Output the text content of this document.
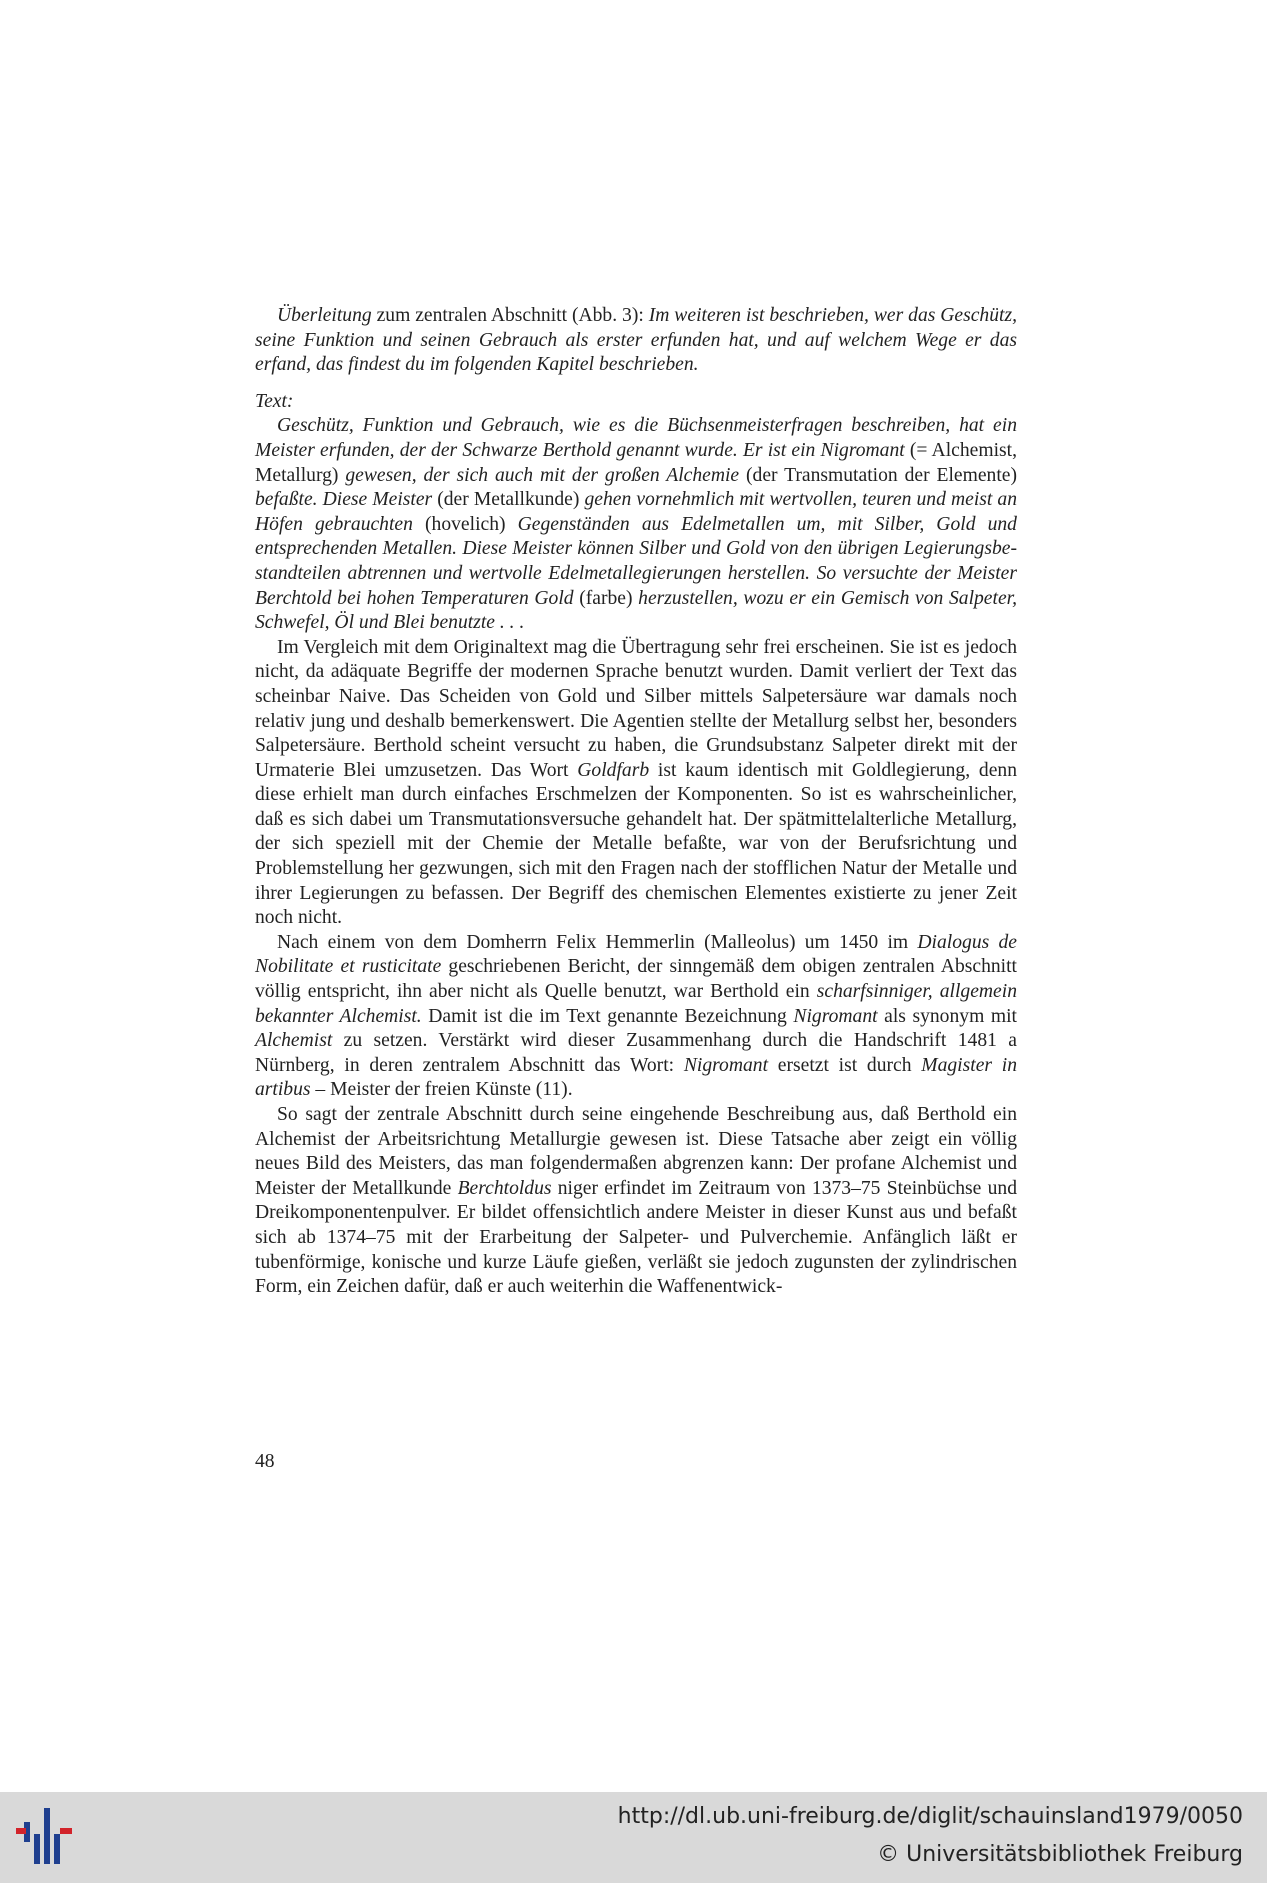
Überleitung zum zentralen Abschnitt (Abb. 3): Im weiteren ist beschrieben, wer das Geschütz, seine Funktion und seinen Gebrauch als erster erfunden hat, und auf welchem Wege er das erfand, das findest du im folgenden Kapitel beschrieben.

Text:

Geschütz, Funktion und Gebrauch, wie es die Büchsenmeisterfragen beschreiben, hat ein Meister erfunden, der der Schwarze Berthold genannt wurde. Er ist ein Nigromant (= Alchemist, Metallurg) gewesen, der sich auch mit der großen Alchemie (der Transmutation der Elemente) befaßte. Diese Meister (der Metallkunde) gehen vornehmlich mit wertvollen, teuren und meist an Höfen gebrauchten (hovelich) Gegenständen aus Edelmetallen um, mit Silber, Gold und entsprechenden Metallen. Diese Meister können Silber und Gold von den übrigen Legierungsbestandteilen abtrennen und wertvolle Edelmetallegierungen herstellen. So versuchte der Meister Berchtold bei hohen Temperaturen Gold (farbe) herzustellen, wozu er ein Gemisch von Salpeter, Schwefel, Öl und Blei benutzte . . .

Im Vergleich mit dem Originaltext mag die Übertragung sehr frei erscheinen. Sie ist es jedoch nicht, da adäquate Begriffe der modernen Sprache benutzt wurden. Damit verliert der Text das scheinbar Naive. Das Scheiden von Gold und Silber mittels Salpetersäure war damals noch relativ jung und deshalb bemerkenswert. Die Agentien stellte der Metallurg selbst her, besonders Salpetersäure. Berthold scheint versucht zu haben, die Grundsubstanz Salpeter direkt mit der Urmaterie Blei umzusetzen. Das Wort Goldfarb ist kaum identisch mit Goldlegierung, denn diese erhielt man durch einfaches Erschmelzen der Komponenten. So ist es wahrscheinlicher, daß es sich dabei um Transmutationsversuche gehandelt hat. Der spätmittelalterliche Metallurg, der sich speziell mit der Chemie der Metalle befaßte, war von der Berufsrichtung und Problemstellung her gezwungen, sich mit den Fragen nach der stofflichen Natur der Metalle und ihrer Legierungen zu befassen. Der Begriff des chemischen Elementes existierte zu jener Zeit noch nicht.

Nach einem von dem Domherrn Felix Hemmerlin (Malleolus) um 1450 im Dialogus de Nobilitate et rusticitate geschriebenen Bericht, der sinngemäß dem obigen zentralen Abschnitt völlig entspricht, ihn aber nicht als Quelle benutzt, war Berthold ein scharfsinniger, allgemein bekannter Alchemist. Damit ist die im Text genannte Bezeichnung Nigromant als synonym mit Alchemist zu setzen. Verstärkt wird dieser Zusammenhang durch die Handschrift 1481 a Nürnberg, in deren zentralem Abschnitt das Wort: Nigromant ersetzt ist durch Magister in artibus – Meister der freien Künste (11).

So sagt der zentrale Abschnitt durch seine eingehende Beschreibung aus, daß Berthold ein Alchemist der Arbeitsrichtung Metallurgie gewesen ist. Diese Tatsache aber zeigt ein völlig neues Bild des Meisters, das man folgendermaßen abgrenzen kann: Der profane Alchemist und Meister der Metallkunde Berchtoldus niger erfindet im Zeitraum von 1373–75 Steinbüchse und Dreikomponentenpulver. Er bildet offensichtlich andere Meister in dieser Kunst aus und befaßt sich ab 1374–75 mit der Erarbeitung der Salpeter- und Pulverchemie. Anfänglich läßt er tubenförmige, konische und kurze Läufe gießen, verläßt sie jedoch zugunsten der zylindrischen Form, ein Zeichen dafür, daß er auch weiterhin die Waffenentwick-

48
http://dl.ub.uni-freiburg.de/diglit/schauinsland1979/0050
© Universitätsbibliothek Freiburg
